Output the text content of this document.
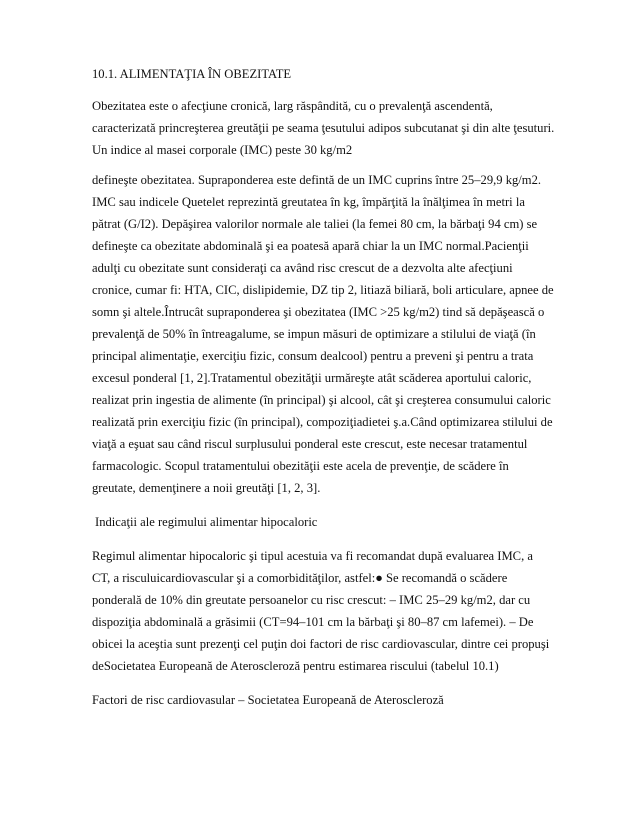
10.1. ALIMENTAŢIA ÎN OBEZITATE
Obezitatea este o afecţiune cronică, larg răspândită, cu o prevalenţă ascendentă,
caracterizată princreşterea greutăţii pe seama ţesutului adipos subcutanat şi din alte ţesuturi.
Un indice al masei corporale (IMC) peste 30 kg/m2
defineşte obezitatea. Supraponderea este defintă de un IMC cuprins între 25–29,9 kg/m2.
IMC sau indicele Quetelet reprezintă greutatea în kg, împărţită la înălţimea în metri la
pătrat (G/I2). Depăşirea valorilor normale ale taliei (la femei 80 cm, la bărbaţi 94 cm) se
defineşte ca obezitate abdominală şi ea poatesă apară chiar la un IMC normal.Pacienţii
adulţi cu obezitate sunt consideraţi ca având risc crescut de a dezvolta alte afecţiuni
cronice, cumar fi: HTA, CIC, dislipidemie, DZ tip 2, litiază biliară, boli articulare, apnee de
somn şi altele.Întrucât supraponderea şi obezitatea (IMC >25 kg/m2) tind să depăşească o
prevalenţă de 50% în întreagalume, se impun măsuri de optimizare a stilului de viaţă (în
principal alimentaţie, exerciţiu fizic, consum dealcool) pentru a preveni şi pentru a trata
excesul ponderal [1, 2].Tratamentul obezităţii urmăreşte atât scăderea aportului caloric,
realizat prin ingestia de alimente (în principal) şi alcool, cât şi creşterea consumului caloric
realizată prin exerciţiu fizic (în principal), compoziţiadietei ş.a.Când optimizarea stilului de
viaţă a eşuat sau când riscul surplusului ponderal este crescut, este necesar tratamentul
farmacologic. Scopul tratamentului obezităţii este acela de prevenţie, de scădere în
greutate, demenţinere a noii greutăţi [1, 2, 3].
Indicaţii ale regimului alimentar hipocaloric
Regimul alimentar hipocaloric şi tipul acestuia va fi recomandat după evaluarea IMC, a
CT, a risculuicardiovascular şi a comorbidităţilor, astfel:● Se recomandă o scădere
ponderală de 10% din greutate persoanelor cu risc crescut: – IMC 25–29 kg/m2, dar cu
dispoziţia abdominală a grăsimii (CT=94–101 cm la bărbaţi şi 80–87 cm lafemei). – De
obicei la aceştia sunt prezenţi cel puţin doi factori de risc cardiovascular, dintre cei propuşi
deSocietatea Europeană de Ateroscleroză pentru estimarea riscului (tabelul 10.1)
Factori de risc cardiovasular – Societatea Europeană de Ateroscleroză
